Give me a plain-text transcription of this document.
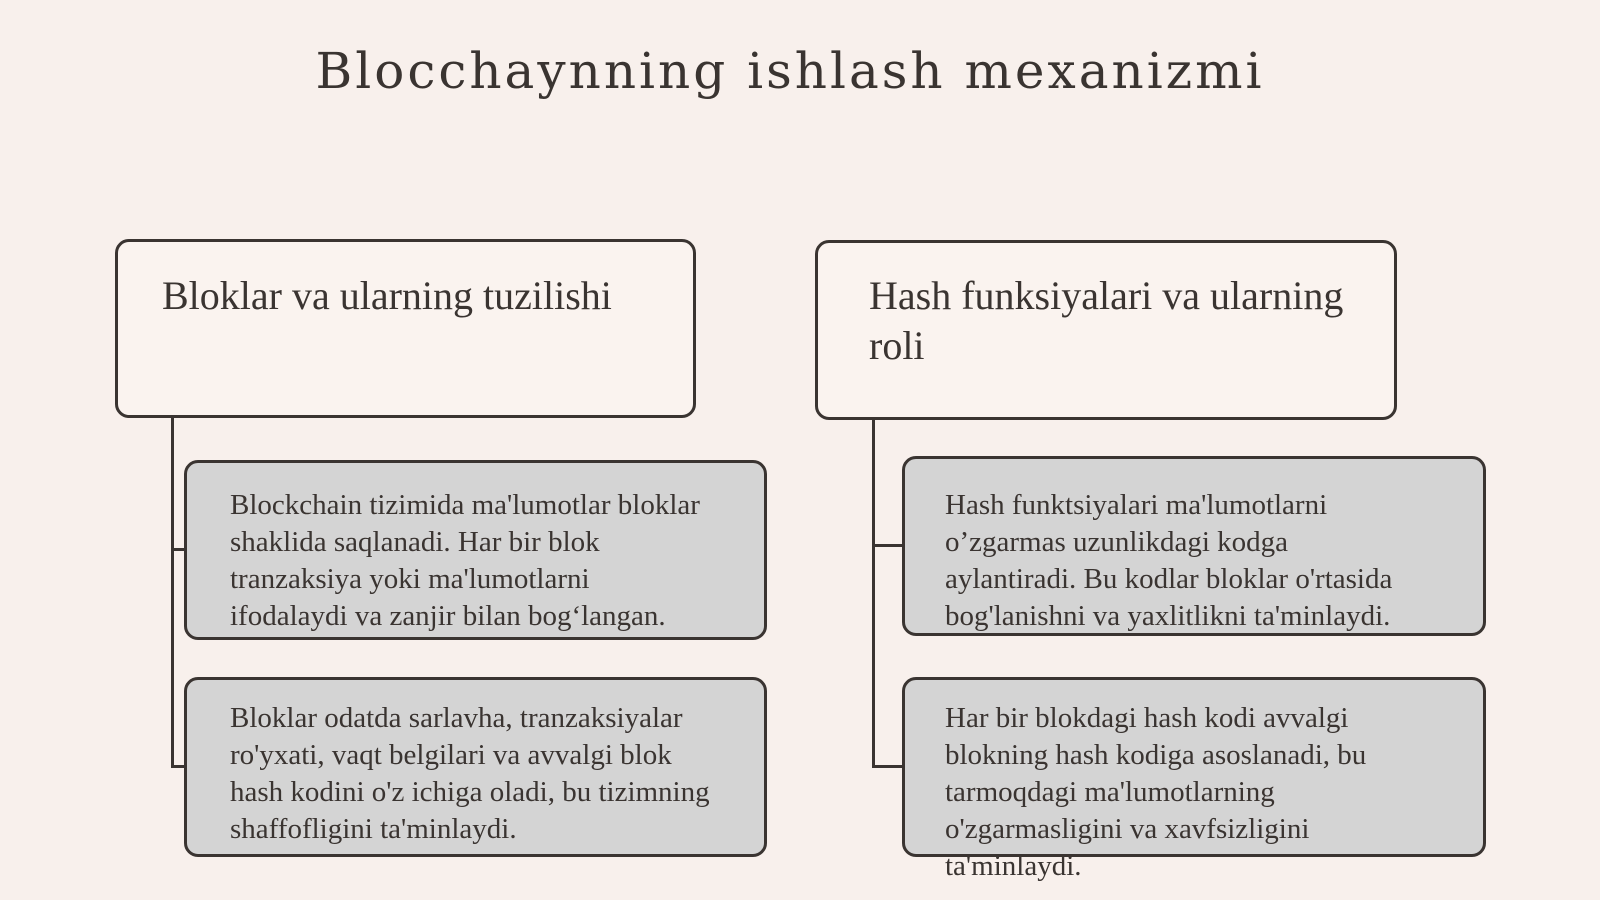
Blocchaynning ishlash mexanizmi
Bloklar va ularning tuzilishi
Blockchain tizimida ma'lumotlar bloklar
shaklida saqlanadi. Har bir blok
tranzaksiya yoki ma'lumotlarni
ifodalaydi va zanjir bilan bog‘langan.
Bloklar odatda sarlavha, tranzaksiyalar
ro'yxati, vaqt belgilari va avvalgi blok
hash kodini o'z ichiga oladi, bu tizimning
shaffofligini ta'minlaydi.
Hash funksiyalari va ularning
roli
Hash funktsiyalari ma'lumotlarni
o’zgarmas uzunlikdagi kodga
aylantiradi. Bu kodlar bloklar o'rtasida
bog'lanishni va yaxlitlikni ta'minlaydi.
Har bir blokdagi hash kodi avvalgi
blokning hash kodiga asoslanadi, bu
tarmoqdagi ma'lumotlarning
o'zgarmasligini va xavfsizligini
ta'minlaydi.
